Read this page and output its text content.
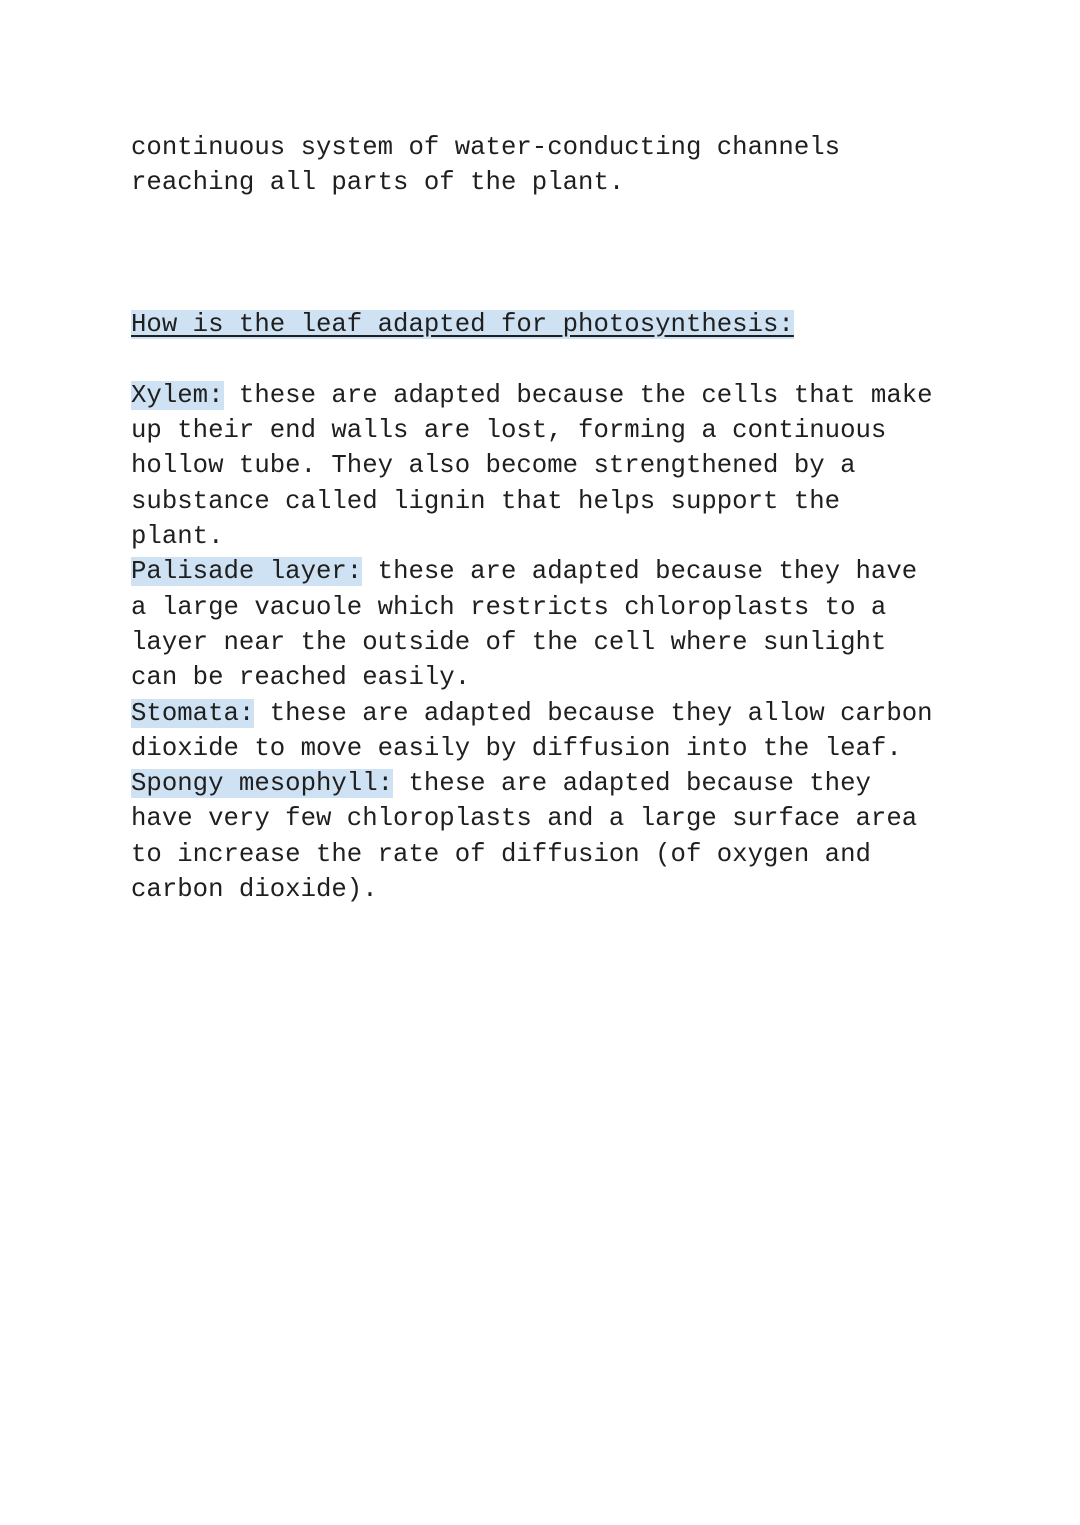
continuous system of water-conducting channels
reaching all parts of the plant.

How is the leaf adapted for photosynthesis:

Xylem: these are adapted because the cells that make
up their end walls are lost, forming a continuous
hollow tube. They also become strengthened by a
substance called lignin that helps support the
plant.

Palisade layer: these are adapted because they have
a large vacuole which restricts chloroplasts to a
layer near the outside of the cell where sunlight
can be reached easily.

Stomata: these are adapted because they allow carbon
dioxide to move easily by diffusion into the leaf.

Spongy mesophyll: these are adapted because they
have very few chloroplasts and a large surface area
to increase the rate of diffusion (of oxygen and
carbon dioxide).
